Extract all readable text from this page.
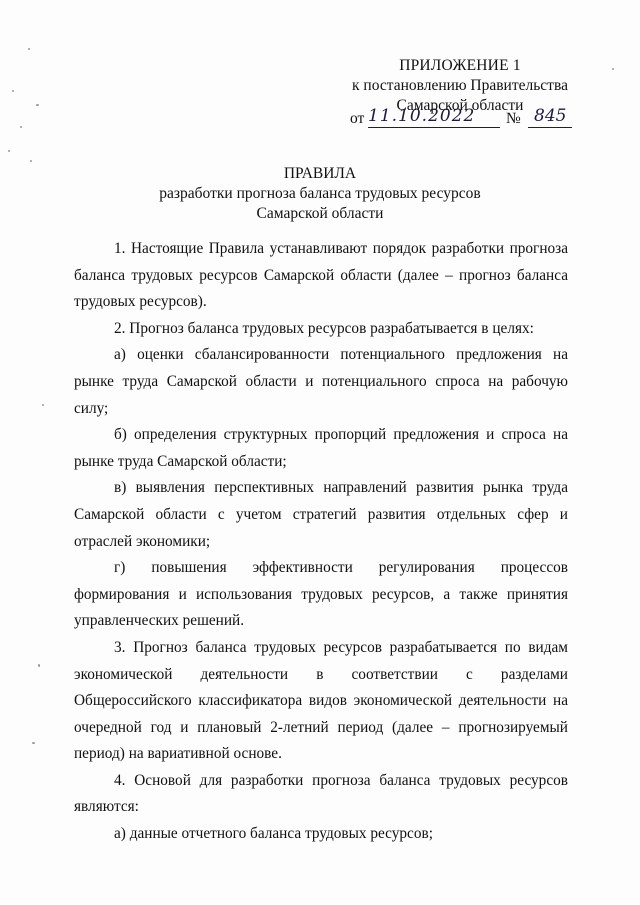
ПРИЛОЖЕНИЕ 1
к постановлению Правительства
Самарской области
от 11.10.2022 № 845
ПРАВИЛА
разработки прогноза баланса трудовых ресурсов
Самарской области

1. Настоящие Правила устанавливают порядок разработки прогноза баланса трудовых ресурсов Самарской области (далее – прогноз баланса трудовых ресурсов).

2. Прогноз баланса трудовых ресурсов разрабатывается в целях:

а) оценки сбалансированности потенциального предложения на рынке труда Самарской области и потенциального спроса на рабочую силу;

б) определения структурных пропорций предложения и спроса на рынке труда Самарской области;

в) выявления перспективных направлений развития рынка труда Самарской области с учетом стратегий развития отдельных сфер и отраслей экономики;

г) повышения эффективности регулирования процессов формирования и использования трудовых ресурсов, а также принятия управленческих решений.

3. Прогноз баланса трудовых ресурсов разрабатывается по видам экономической деятельности в соответствии с разделами Общероссийского классификатора видов экономической деятельности на очередной год и плановый 2-летний период (далее – прогнозируемый период) на вариативной основе.

4. Основой для разработки прогноза баланса трудовых ресурсов являются:

а) данные отчетного баланса трудовых ресурсов;
